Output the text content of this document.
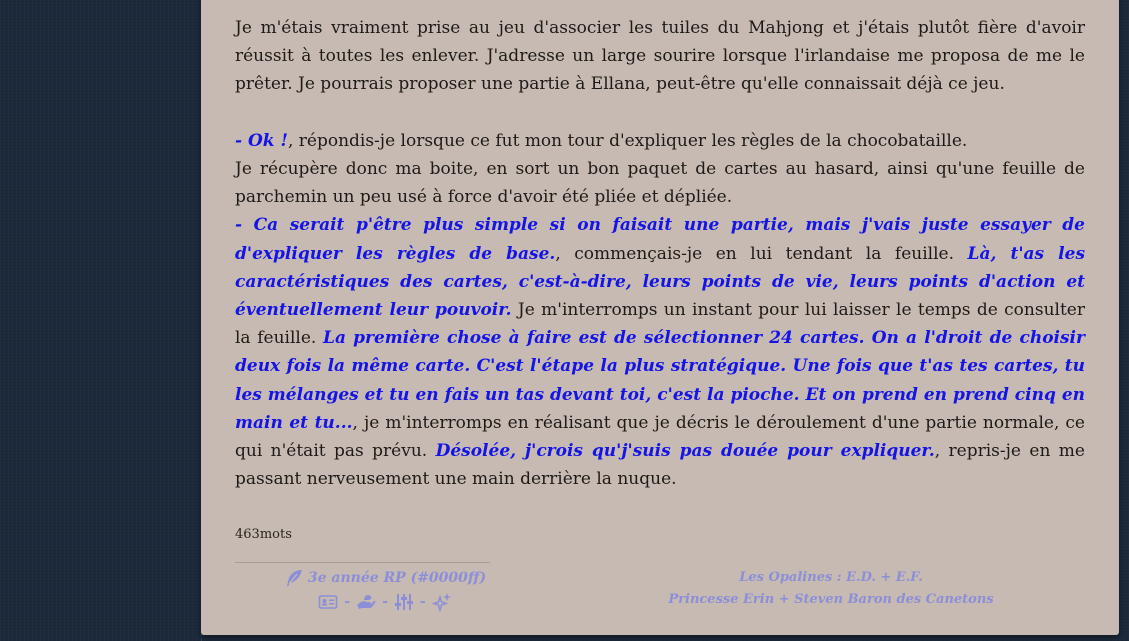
Je m'étais vraiment prise au jeu d'associer les tuiles du Mahjong et j'étais plutôt fière d'avoir réussit à toutes les enlever. J'adresse un large sourire lorsque l'irlandaise me proposa de me le prêter. Je pourrais proposer une partie à Ellana, peut-être qu'elle connaissait déjà ce jeu.

- Ok !, répondis-je lorsque ce fut mon tour d'expliquer les règles de la chocobataille.

Je récupère donc ma boite, en sort un bon paquet de cartes au hasard, ainsi qu'une feuille de parchemin un peu usé à force d'avoir été pliée et dépliée.

- Ca serait p'être plus simple si on faisait une partie, mais j'vais juste essayer de d'expliquer les règles de base., commençais-je en lui tendant la feuille. Là, t'as les caractéristiques des cartes, c'est-à-dire, leurs points de vie, leurs points d'action et éventuellement leur pouvoir. Je m'interromps un instant pour lui laisser le temps de consulter la feuille. La première chose à faire est de sélectionner 24 cartes. On a l'droit de choisir deux fois la même carte. C'est l'étape la plus stratégique. Une fois que t'as tes cartes, tu les mélanges et tu en fais un tas devant toi, c'est la pioche. Et on prend en prend cinq en main et tu..., je m'interromps en réalisant que je décris le déroulement d'une partie normale, ce qui n'était pas prévu. Désolée, j'crois qu'j'suis pas douée pour expliquer., repris-je en me passant nerveusement une main derrière la nuque.

463mots
3e année RP (#0000ff)
- - -
Les Opalines : E.D. + E.F.
Princesse Erin + Steven Baron des Canetons
